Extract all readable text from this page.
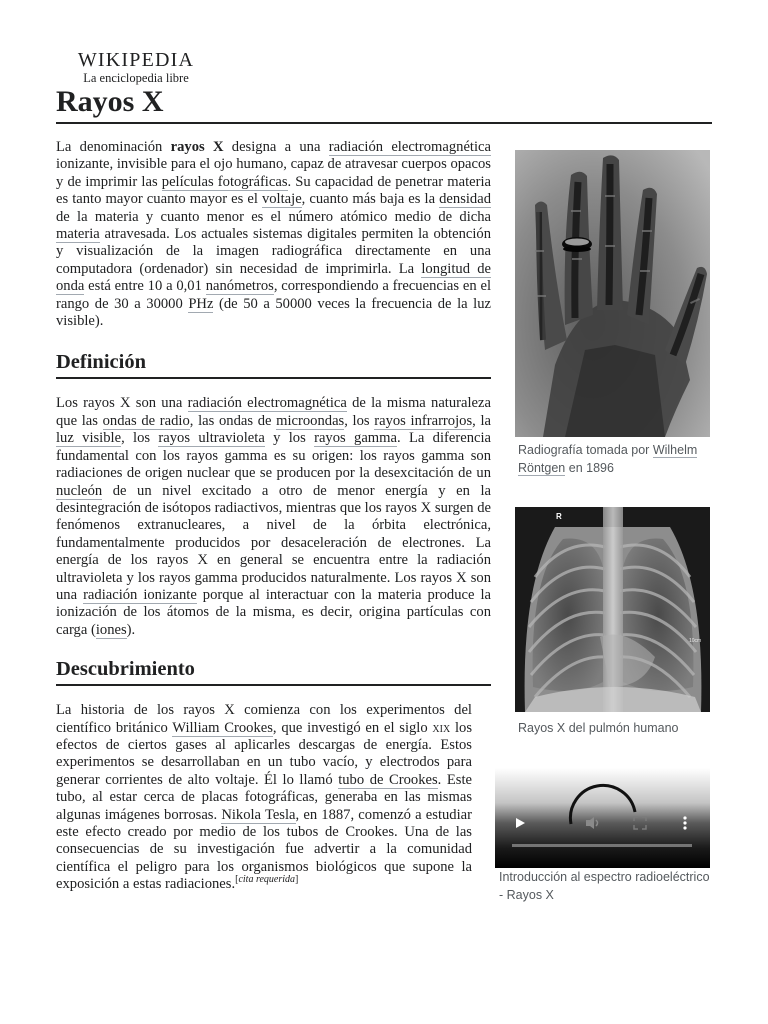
WIKIPEDIA
La enciclopedia libre
Rayos X

La denominación rayos X designa a una radiación electromagnética ionizante, invisible para el ojo humano, capaz de atravesar cuerpos opacos y de imprimir las películas fotográficas. Su capacidad de penetrar materia es tanto mayor cuanto mayor es el voltaje, cuanto más baja es la densidad de la materia y cuanto menor es el número atómico medio de dicha materia atravesada. Los actuales sistemas digitales permiten la obtención y visualización de la imagen radiográfica directamente en una computadora (ordenador) sin necesidad de imprimirla. La longitud de onda está entre 10 a 0,01 nanómetros, correspondiendo a frecuencias en el rango de 30 a 30000 PHz (de 50 a 50000 veces la frecuencia de la luz visible).

Definición

Los rayos X son una radiación electromagnética de la misma naturaleza que las ondas de radio, las ondas de microondas, los rayos infrarrojos, la luz visible, los rayos ultravioleta y los rayos gamma. La diferencia fundamental con los rayos gamma es su origen: los rayos gamma son radiaciones de origen nuclear que se producen por la desexcitación de un nucleón de un nivel excitado a otro de menor energía y en la desintegración de isótopos radiactivos, mientras que los rayos X surgen de fenómenos extranucleares, a nivel de la órbita electrónica, fundamentalmente producidos por desaceleración de electrones. La energía de los rayos X en general se encuentra entre la radiación ultravioleta y los rayos gamma producidos naturalmente. Los rayos X son una radiación ionizante porque al interactuar con la materia produce la ionización de los átomos de la misma, es decir, origina partículas con carga (iones).

Descubrimiento

La historia de los rayos X comienza con los experimentos del científico británico William Crookes, que investigó en el siglo xix los efectos de ciertos gases al aplicarles descargas de energía. Estos experimentos se desarrollaban en un tubo vacío, y electrodos para generar corrientes de alto voltaje. Él lo llamó tubo de Crookes. Este tubo, al estar cerca de placas fotográficas, generaba en las mismas algunas imágenes borrosas. Nikola Tesla, en 1887, comenzó a estudiar este efecto creado por medio de los tubos de Crookes. Una de las consecuencias de su investigación fue advertir a la comunidad científica el peligro para los organismos biológicos que supone la exposición a estas radiaciones.[cita requerida]

Radiografía tomada por Wilhelm Röntgen en 1896
R
10cm
Rayos X del pulmón humano
Introducción al espectro radioeléctrico - Rayos X
